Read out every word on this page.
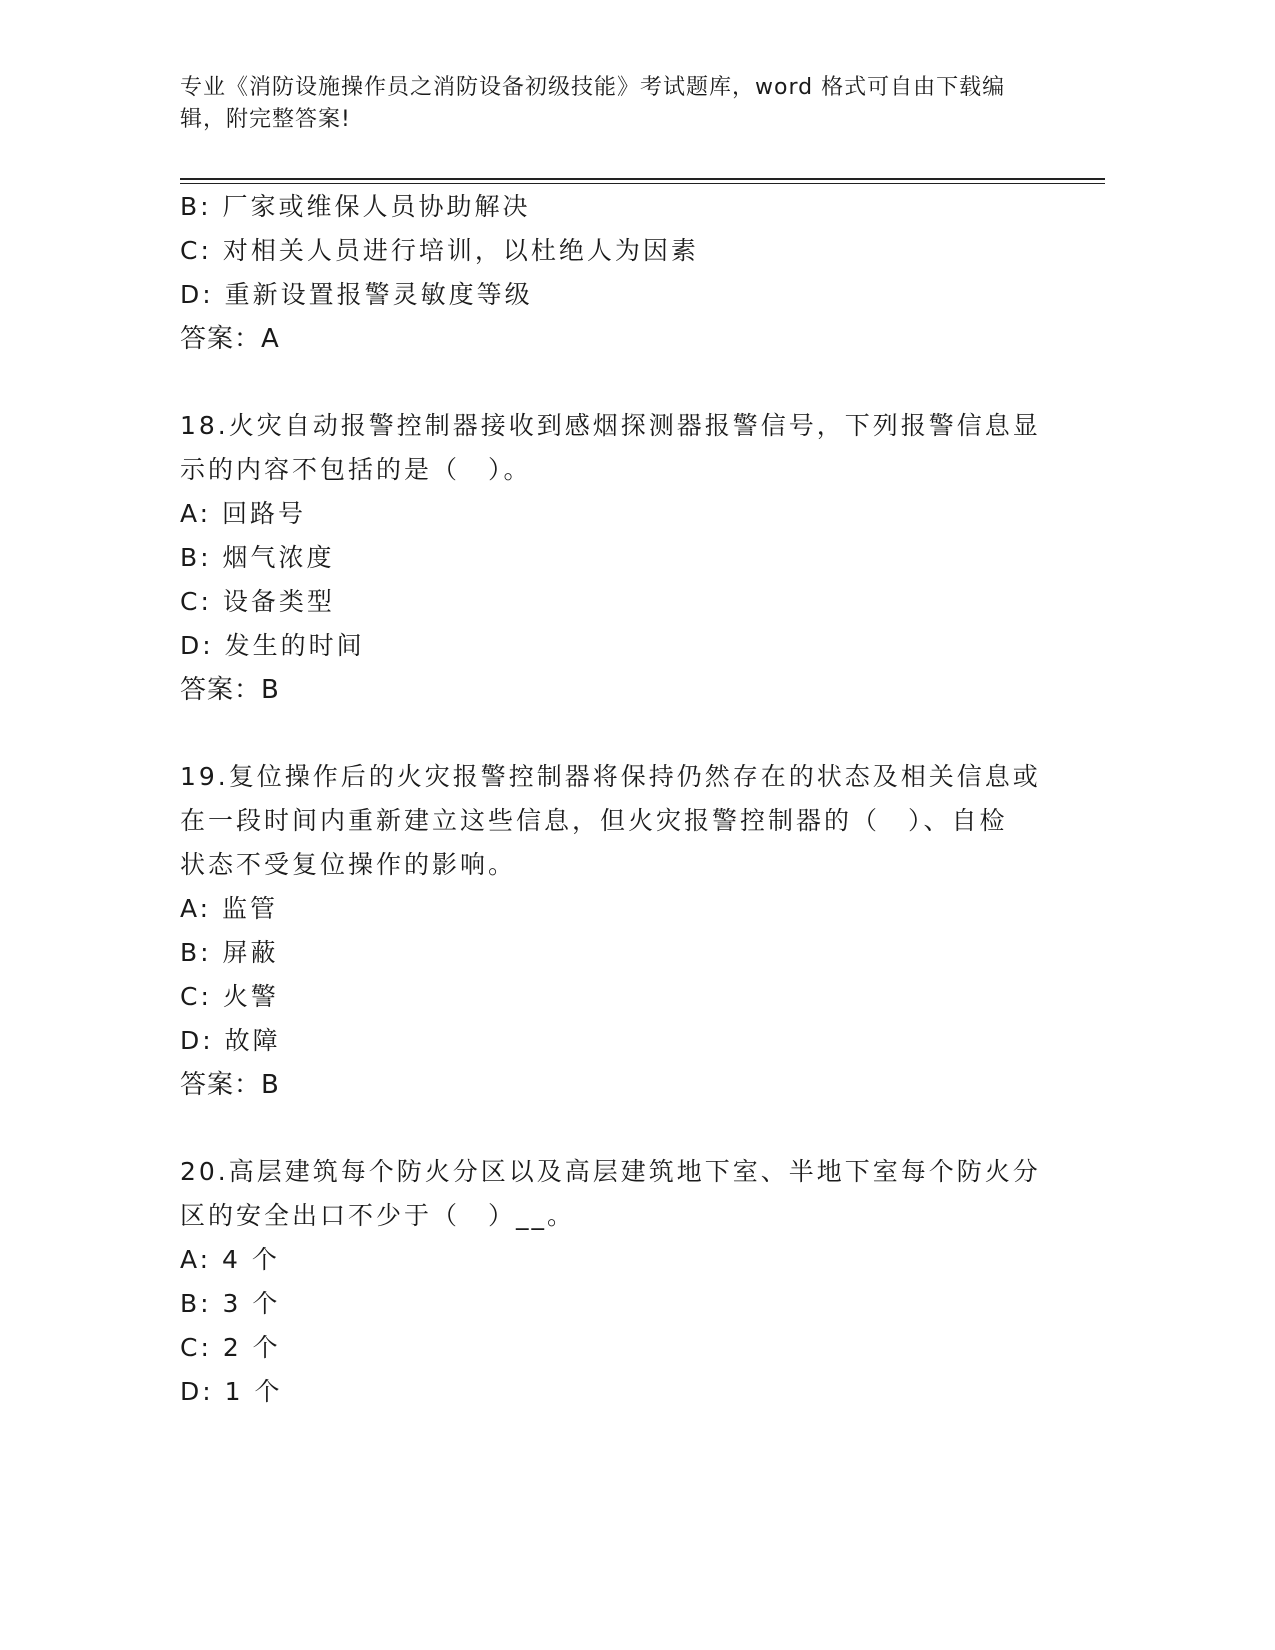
专业《消防设施操作员之消防设备初级技能》考试题库，word 格式可自由下载编
辑，附完整答案!
B: 厂家或维保人员协助解决
C: 对相关人员进行培训，以杜绝人为因素
D: 重新设置报警灵敏度等级
答案：A
18.火灾自动报警控制器接收到感烟探测器报警信号，下列报警信息显
示的内容不包括的是（　）。
A: 回路号
B: 烟气浓度
C: 设备类型
D: 发生的时间
答案：B
19.复位操作后的火灾报警控制器将保持仍然存在的状态及相关信息或
在一段时间内重新建立这些信息，但火灾报警控制器的（　）、自检
状态不受复位操作的影响。
A: 监管
B: 屏蔽
C: 火警
D: 故障
答案：B
20.高层建筑每个防火分区以及高层建筑地下室、半地下室每个防火分
区的安全出口不少于（　）__。
A: 4 个
B: 3 个
C: 2 个
D: 1 个
